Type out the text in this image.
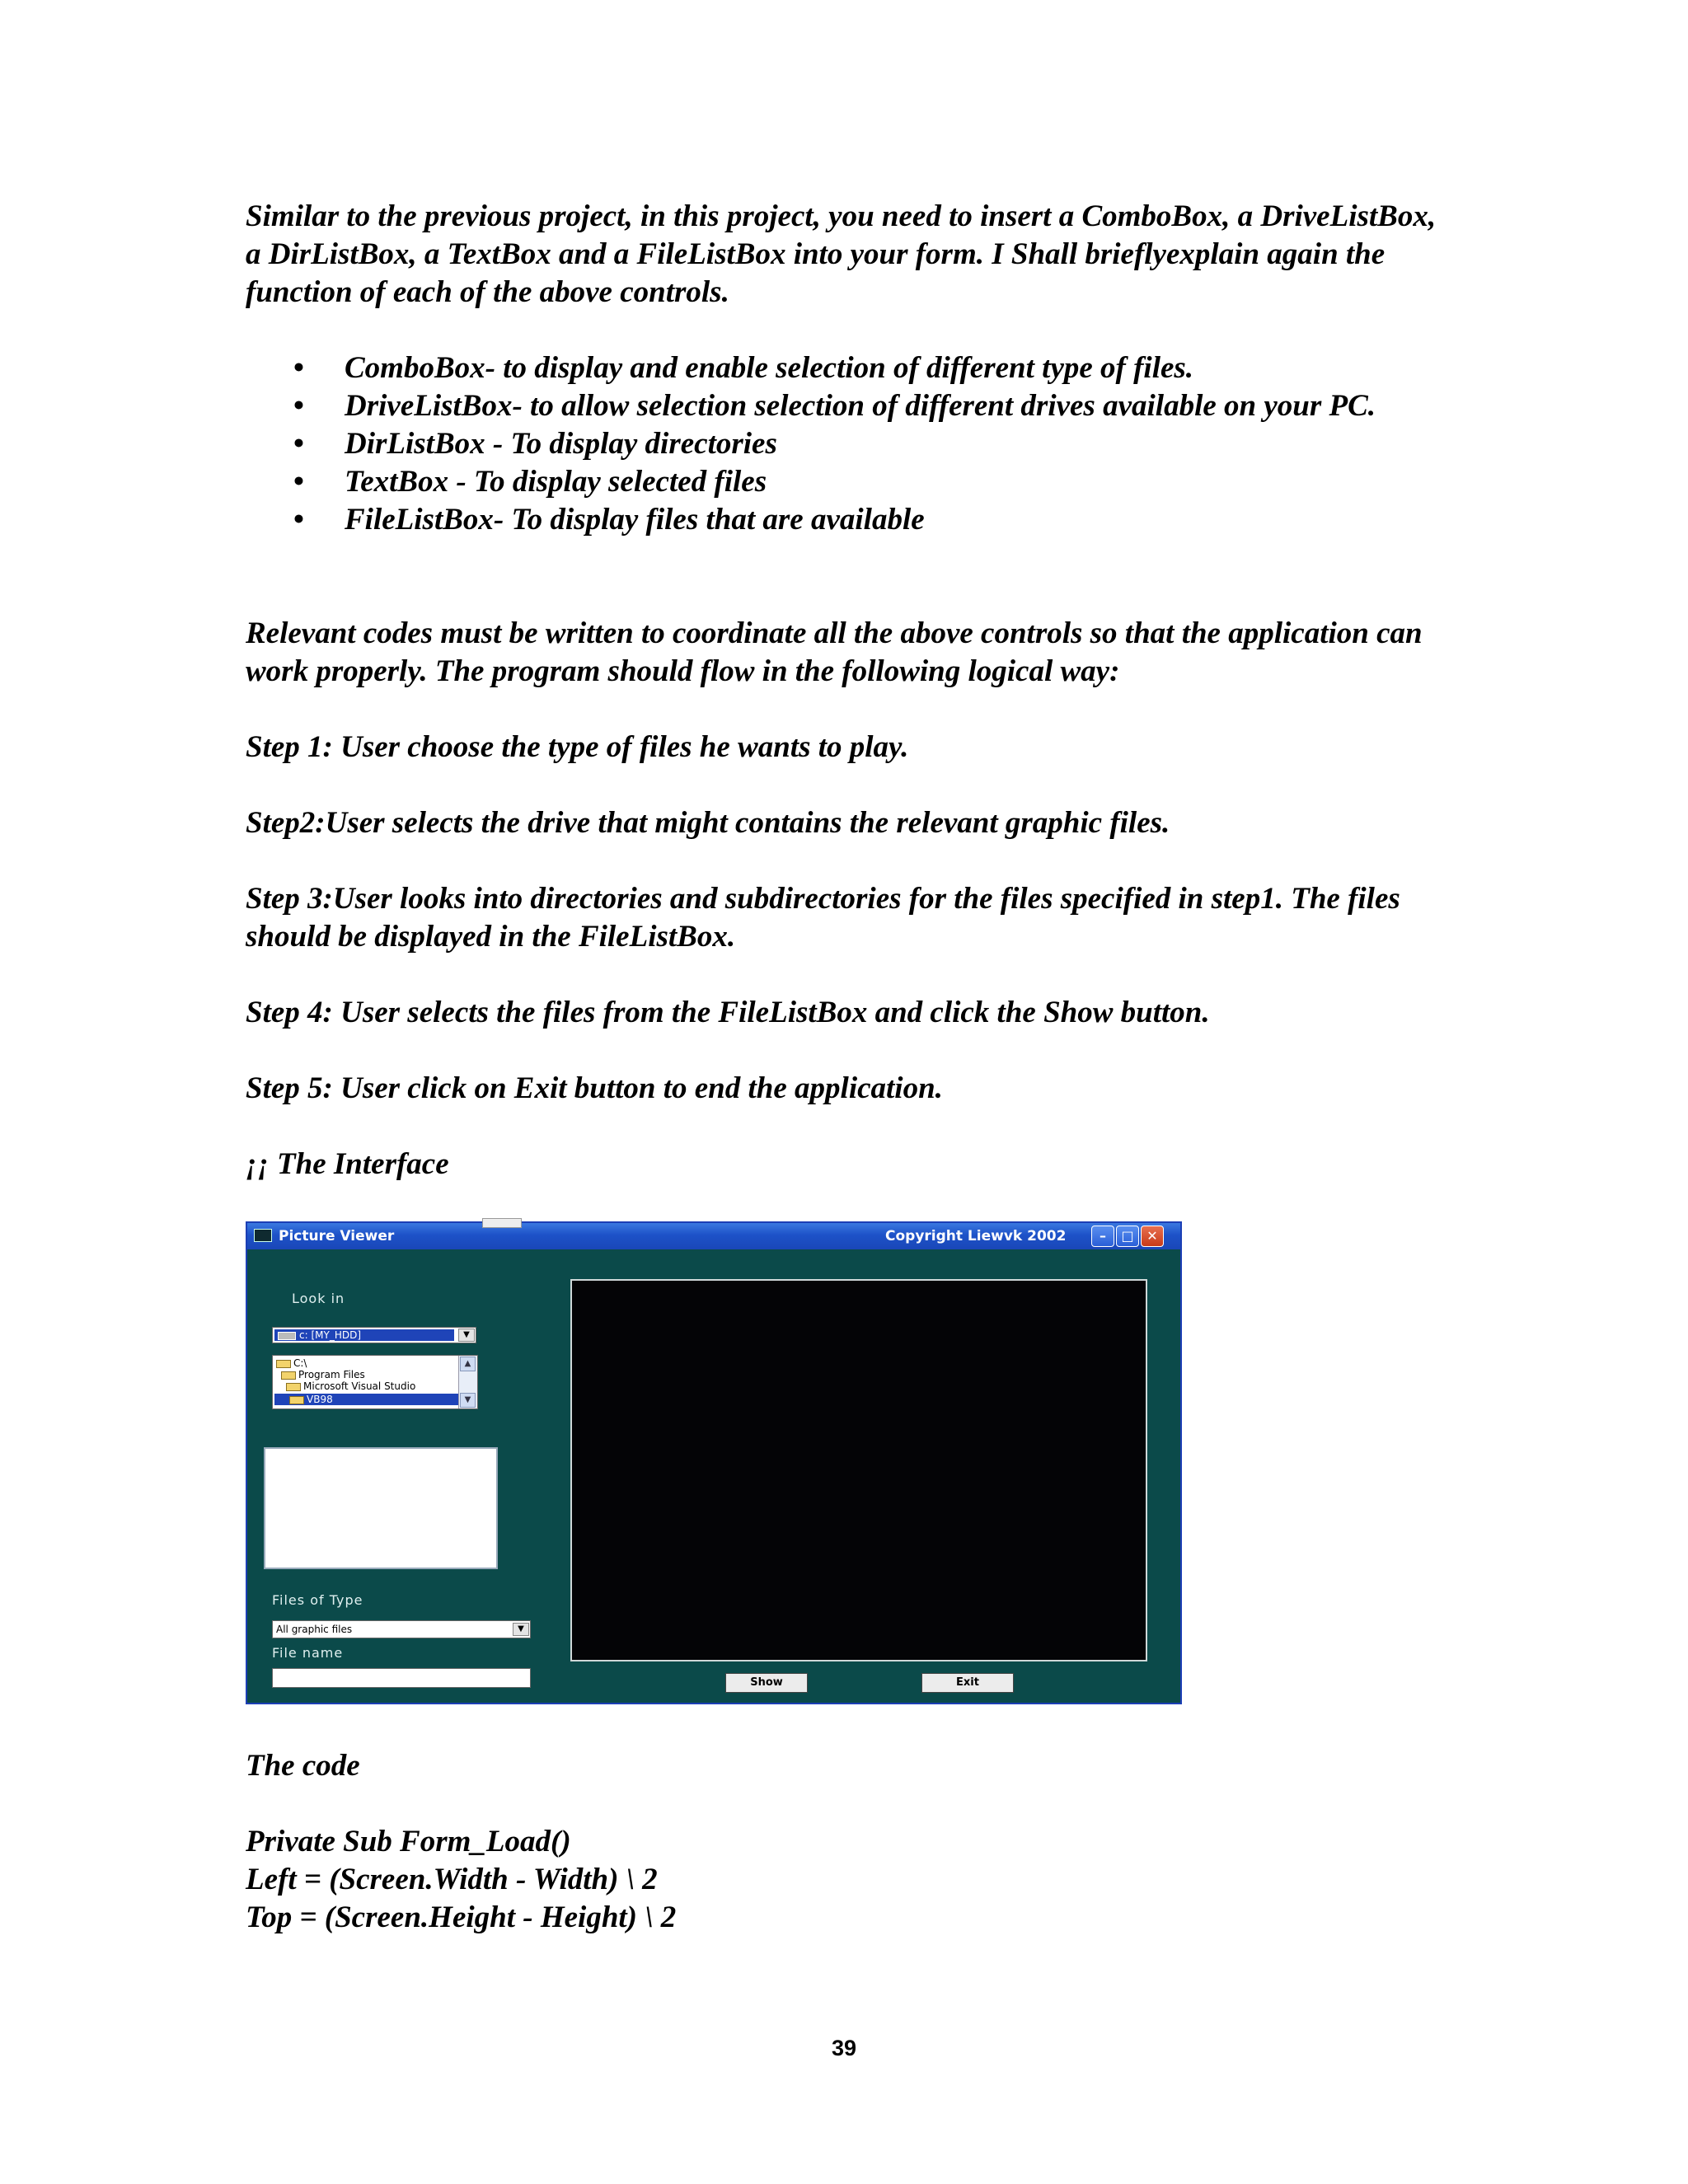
Similar to the previous project, in this project, you need to insert a ComboBox, a DriveListBox, a DirListBox, a TextBox and a FileListBox into your form. I Shall brieflyexplain again the function of each of the above controls.

• ComboBox- to display and enable selection of different type of files.
• DriveListBox- to allow selection selection of different drives available on your PC.
• DirListBox - To display directories
• TextBox - To display selected files
• FileListBox- To display files that are available

Relevant codes must be written to coordinate all the above controls so that the application can work properly. The program should flow in the following logical way:

Step 1: User choose the type of files he wants to play.

Step2:User selects the drive that might contains the relevant graphic files.

Step 3:User looks into directories and subdirectories for the files specified in step1. The files should be displayed in the FileListBox.

Step 4: User selects the files from the FileListBox and click the Show button.

Step 5: User click on Exit button to end the application.

¡¡ The Interface

Picture Viewer	Copyright Liewvk 2002	–	□ ✕
Look in
c: [MY_HDD]	▼
C:\
Program Files
Microsoft Visual Studio
VB98
▲
▼
Files of Type
All graphic files	▼
File name
Show	Exit

The code

Private Sub Form_Load()

Left = (Screen.Width - Width) \ 2

Top = (Screen.Height - Height) \ 2

39
